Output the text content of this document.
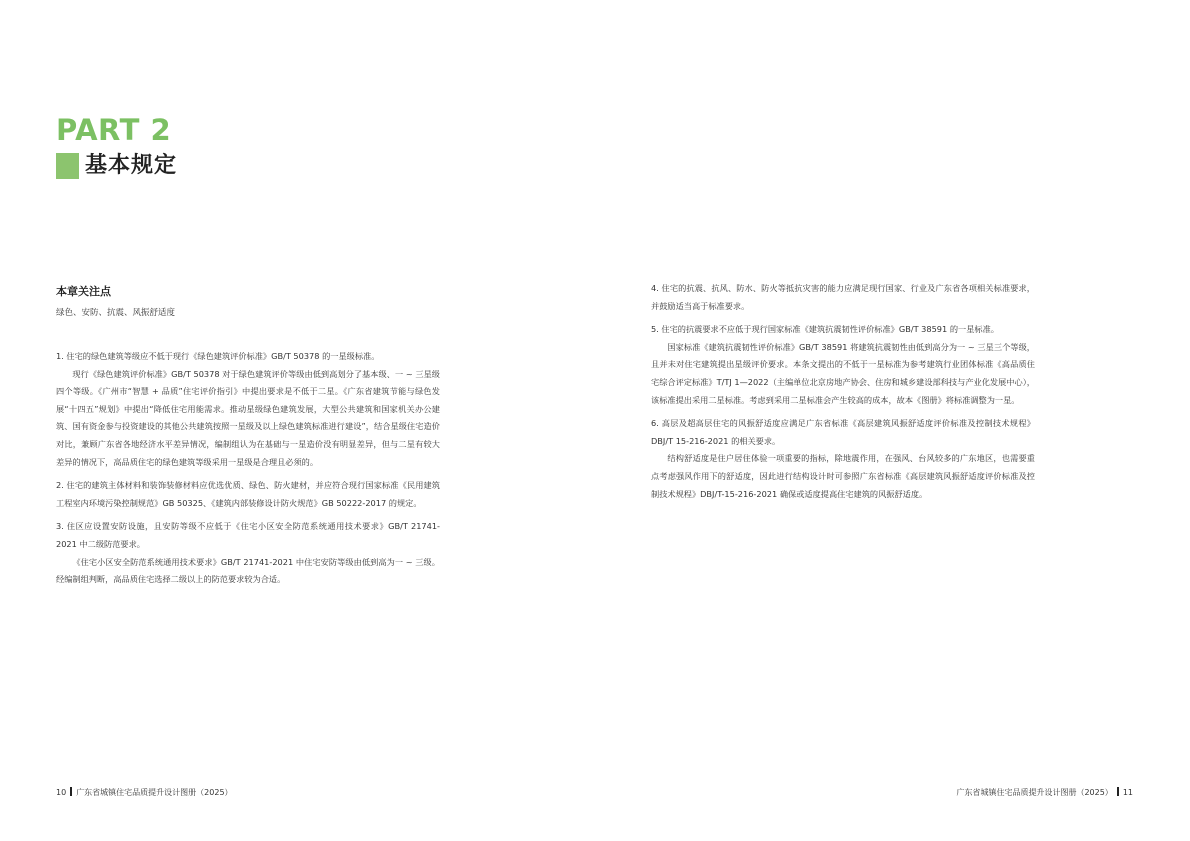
PART 2
基本规定
本章关注点
绿色、安防、抗震、风振舒适度

1. 住宅的绿色建筑等级应不低于现行《绿色建筑评价标准》GB/T 50378 的一星级标准。

现行《绿色建筑评价标准》GB/T 50378 对于绿色建筑评价等级由低到高划分了基本级、一 ~ 三星级四个等级。《广州市“智慧 + 品质”住宅评价指引》中提出要求是不低于二星。《广东省建筑节能与绿色发展“十四五”规划》中提出“降低住宅用能需求。推动星级绿色建筑发展，大型公共建筑和国家机关办公建筑、国有资金参与投资建设的其他公共建筑按照一星级及以上绿色建筑标准进行建设”，结合星级住宅造价对比，兼顾广东省各地经济水平差异情况，编制组认为在基础与一星造价没有明显差异，但与二星有较大差异的情况下，高品质住宅的绿色建筑等级采用一星级是合理且必须的。

2. 住宅的建筑主体材料和装饰装修材料应优选优质、绿色、防火建材，并应符合现行国家标准《民用建筑工程室内环境污染控制规范》GB 50325、《建筑内部装修设计防火规范》GB 50222-2017 的规定。

3. 住区应设置安防设施，且安防等级不应低于《住宅小区安全防范系统通用技术要求》GB/T 21741-2021 中二级防范要求。

《住宅小区安全防范系统通用技术要求》GB/T 21741-2021 中住宅安防等级由低到高为一 ~ 三级。经编制组判断，高品质住宅选择二级以上的防范要求较为合适。

4. 住宅的抗震、抗风、防水、防火等抵抗灾害的能力应满足现行国家、行业及广东省各项相关标准要求，并鼓励适当高于标准要求。

5. 住宅的抗震要求不应低于现行国家标准《建筑抗震韧性评价标准》GB/T 38591 的一星标准。

国家标准《建筑抗震韧性评价标准》GB/T 38591 将建筑抗震韧性由低到高分为一 ~ 三星三个等级，且并未对住宅建筑提出星级评价要求。本条文提出的不低于一星标准为参考建筑行业团体标准《高品质住宅综合评定标准》T/TJ 1—2022（主编单位北京房地产协会、住房和城乡建设部科技与产业化发展中心），该标准提出采用二星标准。考虑到采用二星标准会产生较高的成本，故本《图册》将标准调整为一星。

6. 高层及超高层住宅的风振舒适度应满足广东省标准《高层建筑风振舒适度评价标准及控制技术规程》DBJ/T 15-216-2021 的相关要求。

结构舒适度是住户居住体验一项重要的指标，除地震作用，在强风、台风较多的广东地区，也需要重点考虑强风作用下的舒适度，因此进行结构设计时可参照广东省标准《高层建筑风振舒适度评价标准及控制技术规程》DBJ/T-15-216-2021 确保或适度提高住宅建筑的风振舒适度。

10 广东省城镇住宅品质提升设计图册（2025）	广东省城镇住宅品质提升设计图册（2025） 11
